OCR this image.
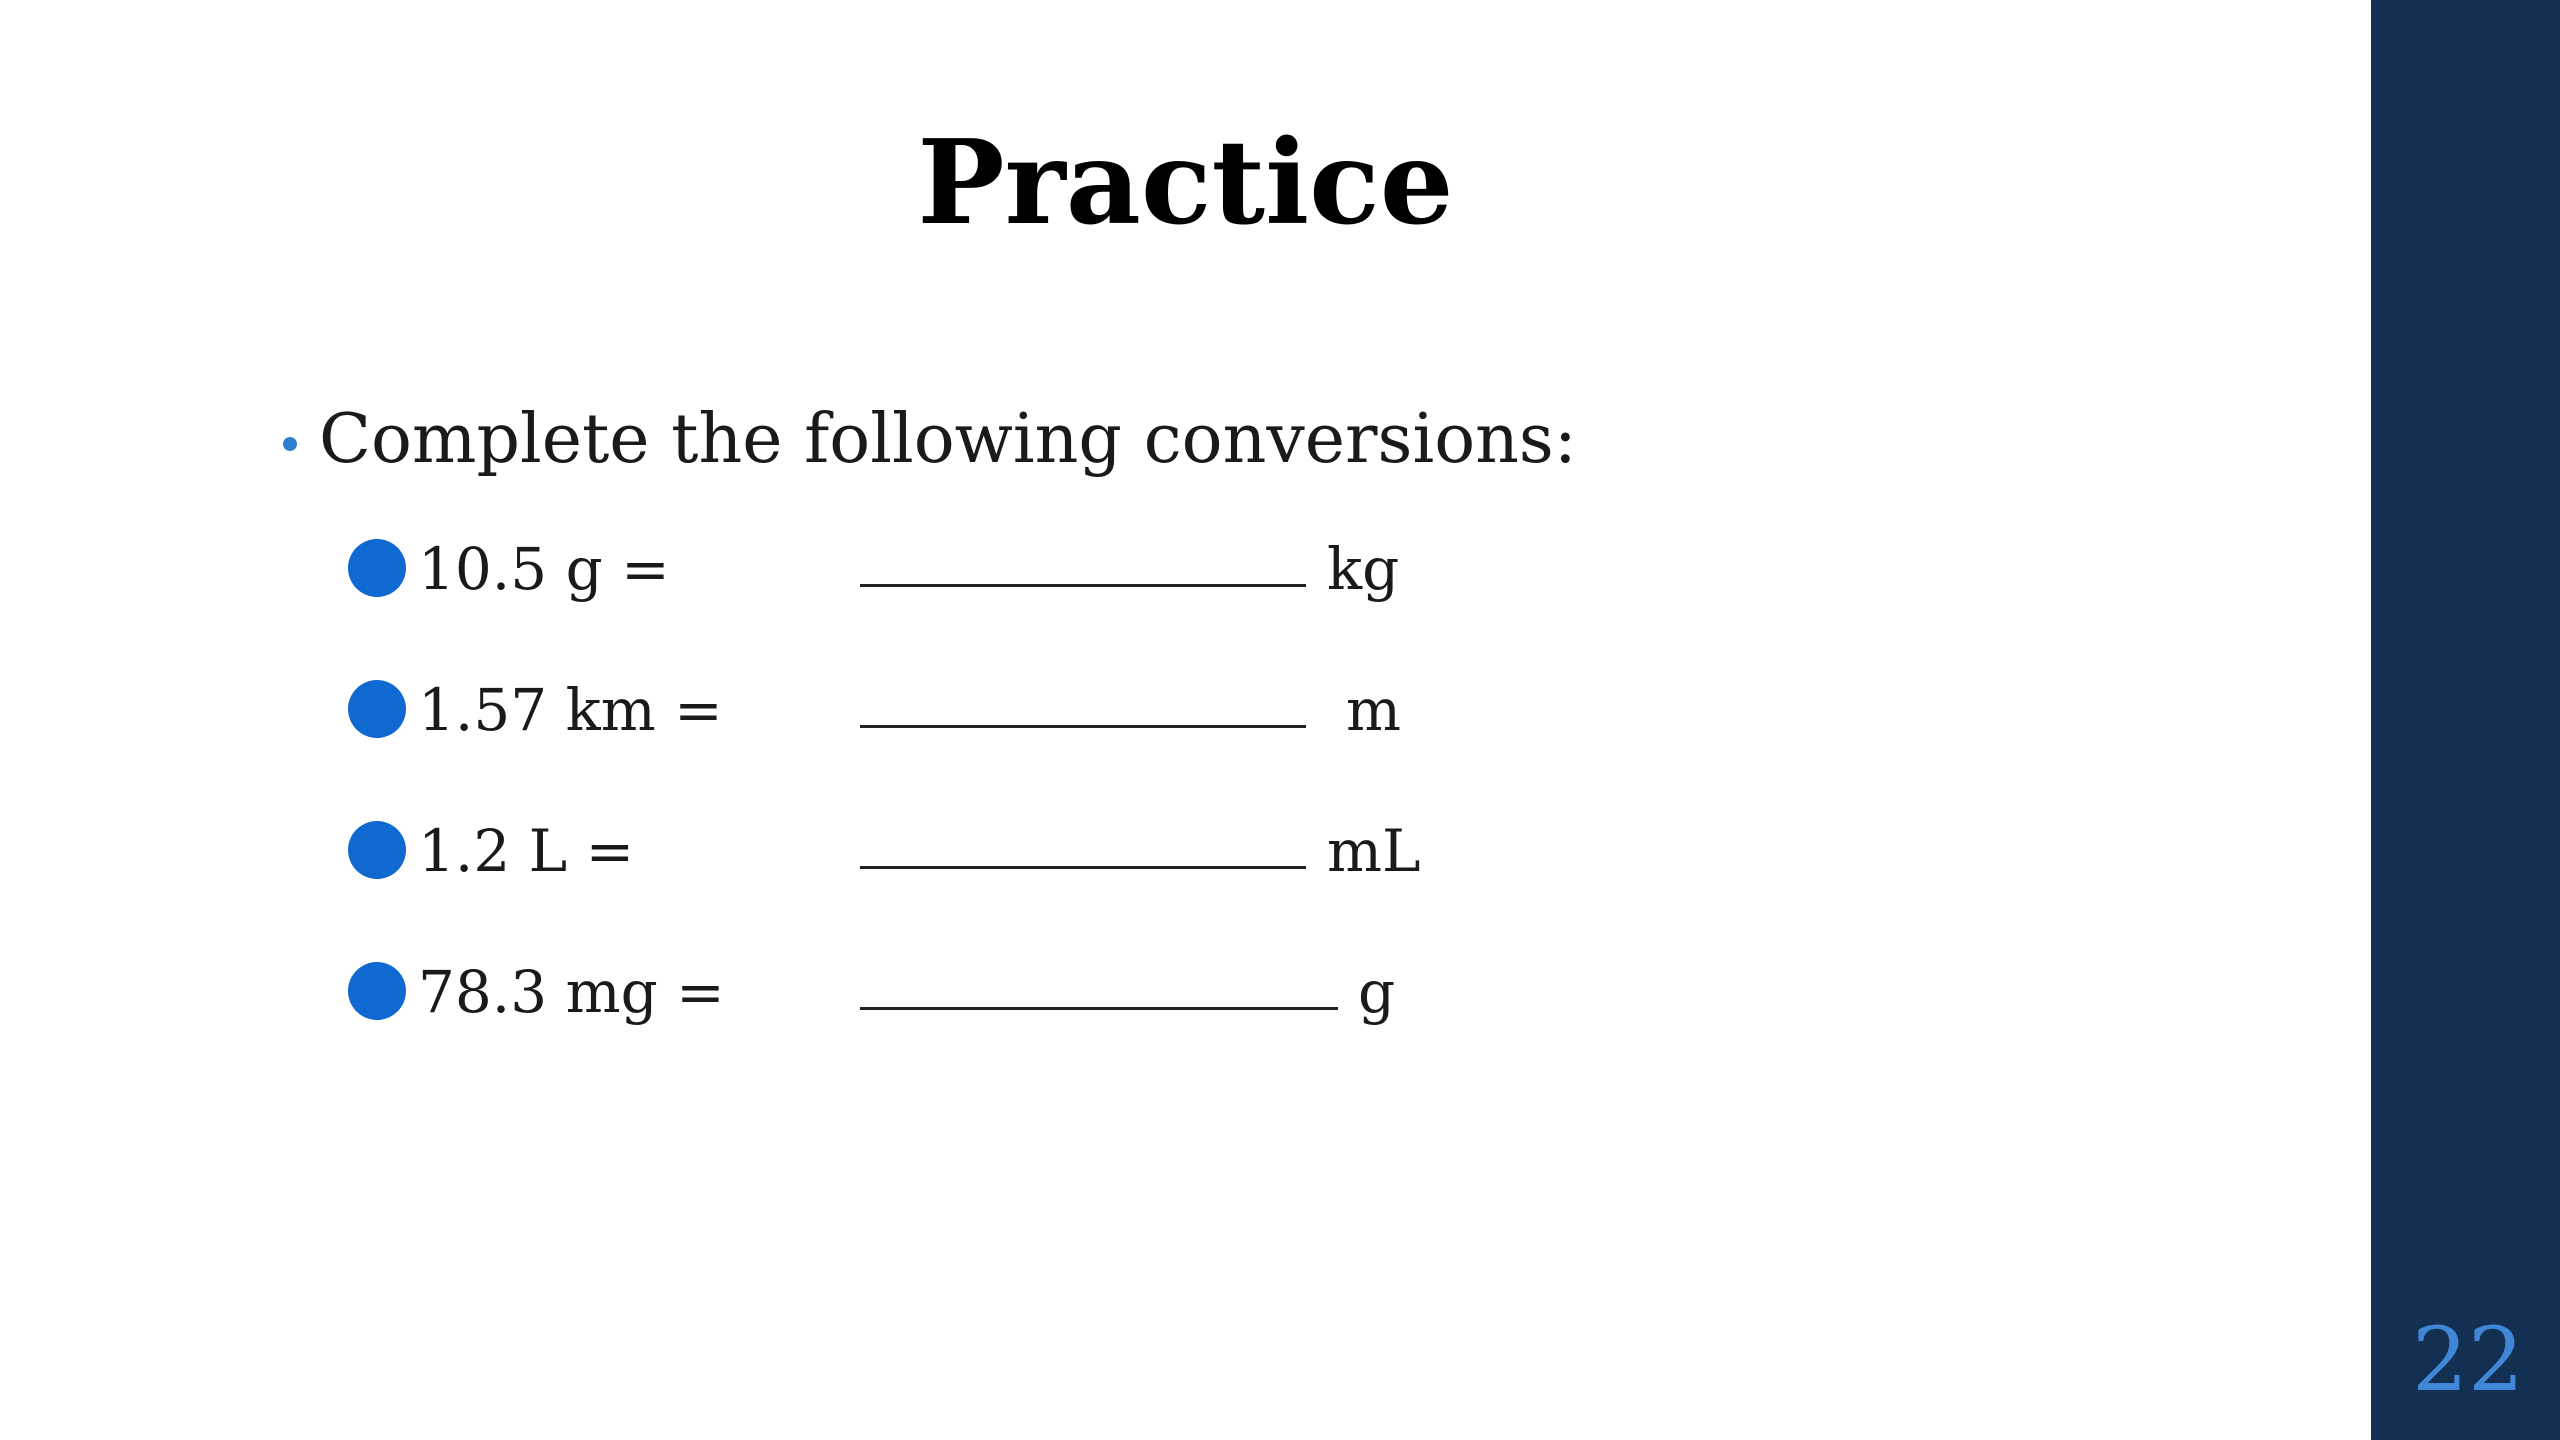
Practice
Complete the following conversions:
10.5 g =	kg
1.57 km =	m
1.2 L =	mL
78.3 mg =	g
22
